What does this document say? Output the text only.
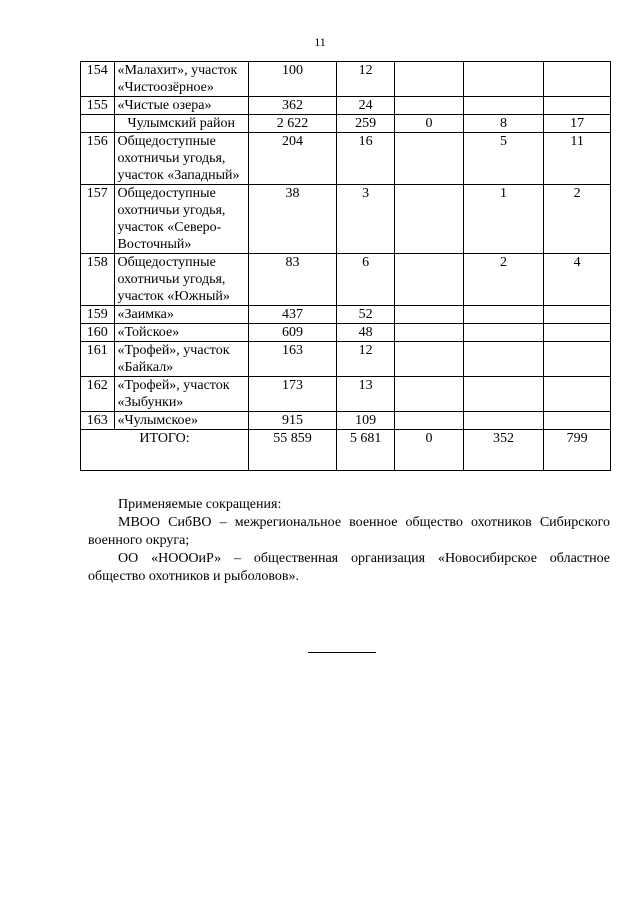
11
154	«Малахит», участок «Чистоозёрное»	100	12			
155	«Чистые озера»	362	24			
	Чулымский район	2 622	259	0	8	17
156	Общедоступные охотничьи угодья, участок «Западный»	204	16		5	11
157	Общедоступные охотничьи угодья, участок «Северо-Восточный»	38	3		1	2
158	Общедоступные охотничьи угодья, участок «Южный»	83	6		2	4
159	«Заимка»	437	52			
160	«Тойское»	609	48			
161	«Трофей», участок «Байкал»	163	12			
162	«Трофей», участок «Зыбунки»	173	13			
163	«Чулымское»	915	109			
ИТОГО:		55 859	5 681	0	352	799

Применяемые сокращения:

МВОО СибВО – межрегиональное военное общество охотников Сибирского военного округа;

ОО «НОООиР» – общественная организация «Новосибирское областное общество охотников и рыболовов».
